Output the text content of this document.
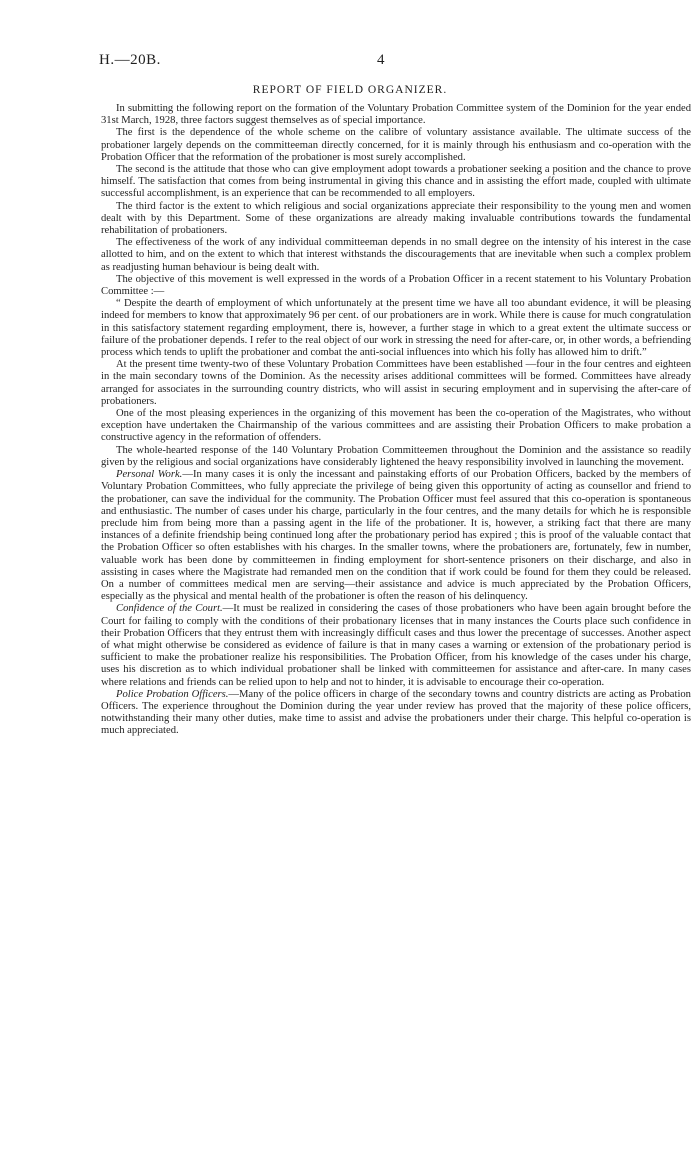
H.—20B.	4
REPORT OF FIELD ORGANIZER.

In submitting the following report on the formation of the Voluntary Probation Committee system of the Dominion for the year ended 31st March, 1928, three factors suggest themselves as of special importance.

The first is the dependence of the whole scheme on the calibre of voluntary assistance available. The ultimate success of the probationer largely depends on the committeeman directly concerned, for it is mainly through his enthusiasm and co-operation with the Probation Officer that the reformation of the probationer is most surely accomplished.

The second is the attitude that those who can give employment adopt towards a probationer seeking a position and the chance to prove himself. The satisfaction that comes from being instrumental in giving this chance and in assisting the effort made, coupled with ultimate successful accomplishment, is an experience that can be recommended to all employers.

The third factor is the extent to which religious and social organizations appreciate their responsibility to the young men and women dealt with by this Department. Some of these organizations are already making invaluable contributions towards the fundamental rehabilitation of probationers.

The effectiveness of the work of any individual committeeman depends in no small degree on the intensity of his interest in the case allotted to him, and on the extent to which that interest withstands the discouragements that are inevitable when such a complex problem as readjusting human behaviour is being dealt with.

The objective of this movement is well expressed in the words of a Probation Officer in a recent statement to his Voluntary Probation Committee :—

“ Despite the dearth of employment of which unfortunately at the present time we have all too abundant evidence, it will be pleasing indeed for members to know that approximately 96 per cent. of our probationers are in work. While there is cause for much congratulation in this satisfactory statement regarding employment, there is, however, a further stage in which to a great extent the ultimate success or failure of the probationer depends. I refer to the real object of our work in stressing the need for after-care, or, in other words, a befriending process which tends to uplift the probationer and combat the anti-social influences into which his folly has allowed him to drift.”

At the present time twenty-two of these Voluntary Probation Committees have been established —four in the four centres and eighteen in the main secondary towns of the Dominion. As the necessity arises additional committees will be formed. Committees have already arranged for associates in the surrounding country districts, who will assist in securing employment and in supervising the after-care of probationers.

One of the most pleasing experiences in the organizing of this movement has been the co-operation of the Magistrates, who without exception have undertaken the Chairmanship of the various committees and are assisting their Probation Officers to make probation a constructive agency in the reformation of offenders.

The whole-hearted response of the 140 Voluntary Probation Committeemen throughout the Dominion and the assistance so readily given by the religious and social organizations have considerably lightened the heavy responsibility involved in launching the movement.

Personal Work.—In many cases it is only the incessant and painstaking efforts of our Probation Officers, backed by the members of Voluntary Probation Committees, who fully appreciate the privilege of being given this opportunity of acting as counsellor and friend to the probationer, can save the individual for the community. The Probation Officer must feel assured that this co-operation is spontaneous and enthusiastic. The number of cases under his charge, particularly in the four centres, and the many details for which he is responsible preclude him from being more than a passing agent in the life of the probationer. It is, however, a striking fact that there are many instances of a definite friendship being continued long after the probationary period has expired ; this is proof of the valuable contact that the Probation Officer so often establishes with his charges. In the smaller towns, where the probationers are, fortunately, few in number, valuable work has been done by committeemen in finding employment for short-sentence prisoners on their discharge, and also in assisting in cases where the Magistrate had remanded men on the condition that if work could be found for them they could be released. On a number of committees medical men are serving—their assistance and advice is much appreciated by the Probation Officers, especially as the physical and mental health of the probationer is often the reason of his delinquency.

Confidence of the Court.—It must be realized in considering the cases of those probationers who have been again brought before the Court for failing to comply with the conditions of their probationary licenses that in many instances the Courts place such confidence in their Probation Officers that they entrust them with increasingly difficult cases and thus lower the precentage of successes. Another aspect of what might otherwise be considered as evidence of failure is that in many cases a warning or extension of the probationary period is sufficient to make the probationer realize his responsibilities. The Probation Officer, from his knowledge of the cases under his charge, uses his discretion as to which individual probationer shall be linked with committeemen for assistance and after-care. In many cases where relations and friends can be relied upon to help and not to hinder, it is advisable to encourage their co-operation.

Police Probation Officers.—Many of the police officers in charge of the secondary towns and country districts are acting as Probation Officers. The experience throughout the Dominion during the year under review has proved that the majority of these police officers, notwithstanding their many other duties, make time to assist and advise the probationers under their charge. This helpful co-operation is much appreciated.
